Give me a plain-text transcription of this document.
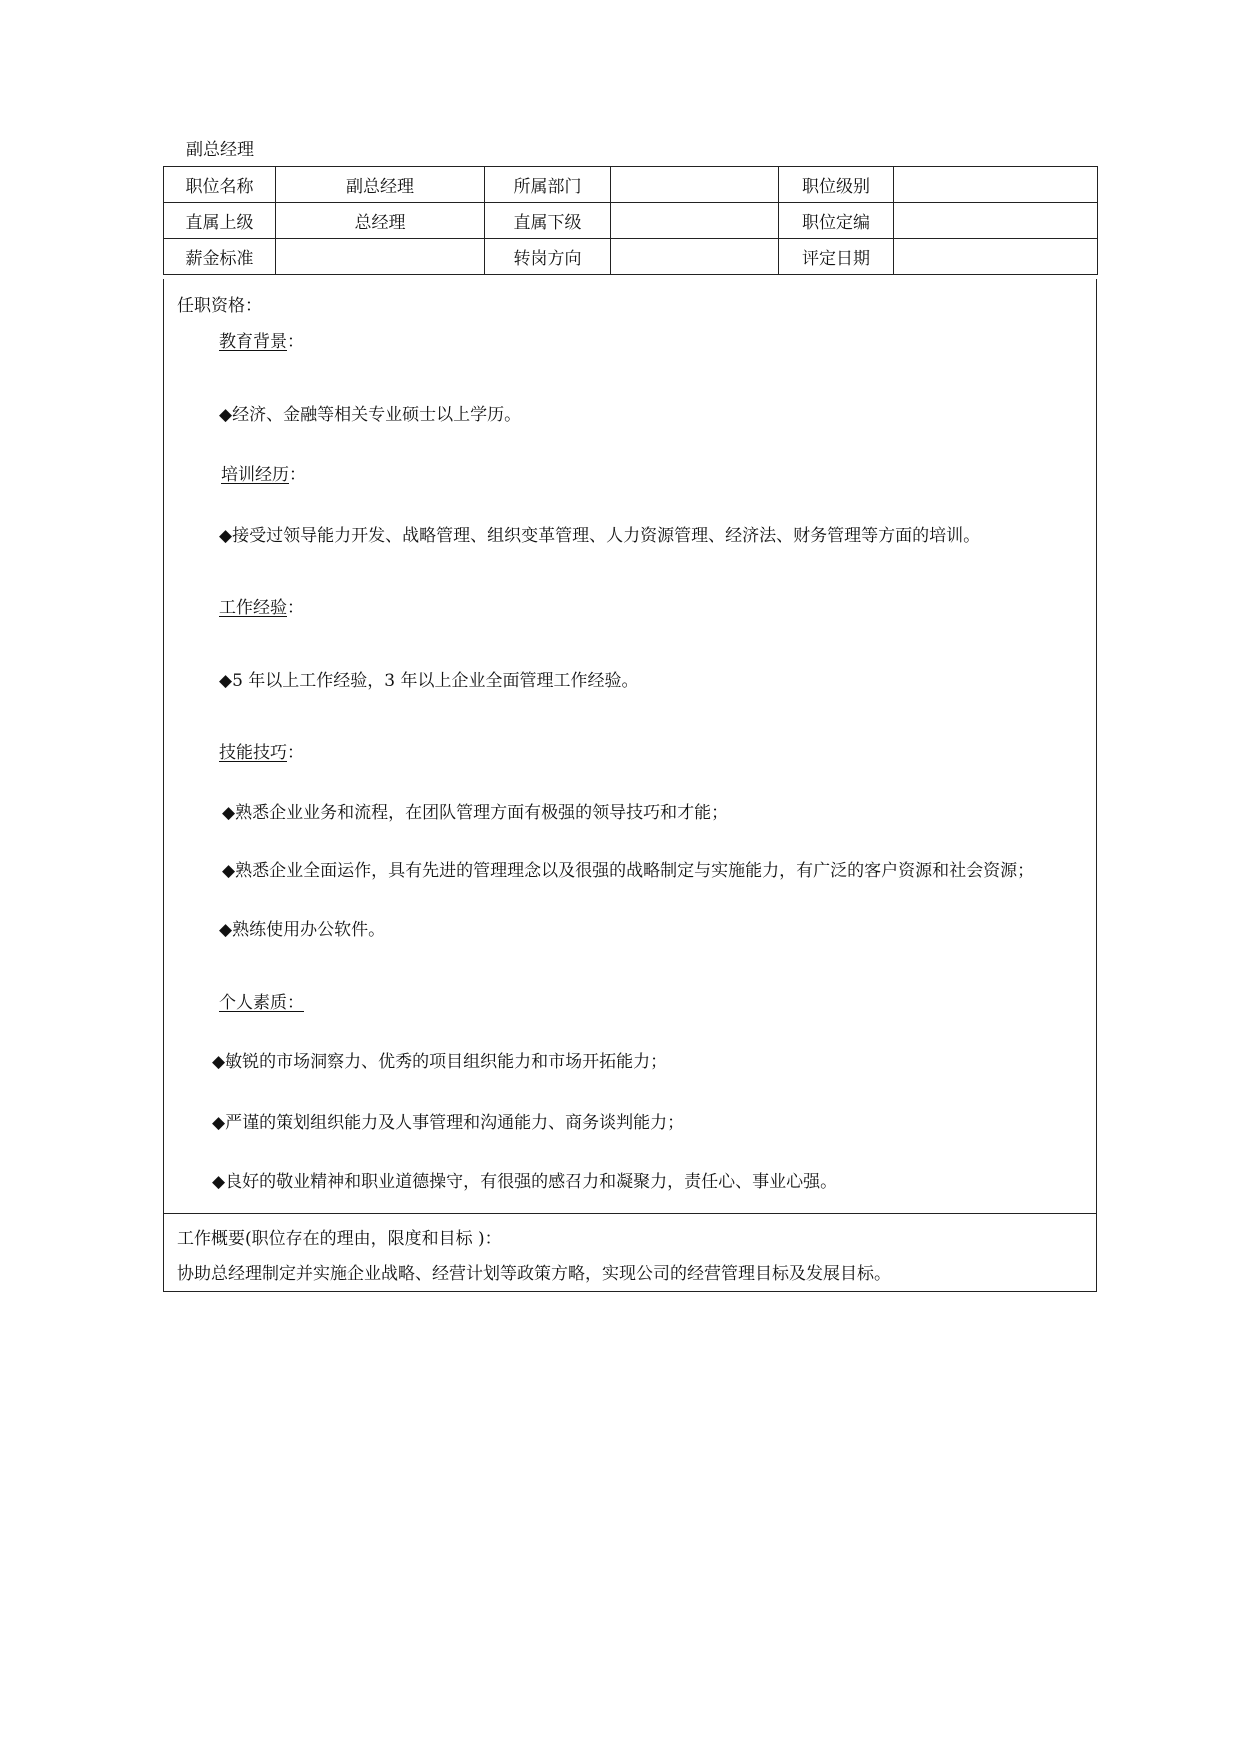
副总经理
职位名称	副总经理	所属部门		职位级别	
直属上级	总经理	直属下级		职位定编	
薪金标准		转岗方向		评定日期	
任职资格：
教育背景：
◆经济、金融等相关专业硕士以上学历。
培训经历：
◆接受过领导能力开发、战略管理、组织变革管理、人力资源管理、经济法、财务管理等方面的培训。
工作经验：
◆5 年以上工作经验，3 年以上企业全面管理工作经验。
技能技巧：
◆熟悉企业业务和流程，在团队管理方面有极强的领导技巧和才能；
◆熟悉企业全面运作，具有先进的管理理念以及很强的战略制定与实施能力，有广泛的客户资源和社会资源；
◆熟练使用办公软件。
个人素质：
◆敏锐的市场洞察力、优秀的项目组织能力和市场开拓能力；
◆严谨的策划组织能力及人事管理和沟通能力、商务谈判能力；
◆良好的敬业精神和职业道德操守，有很强的感召力和凝聚力，责任心、事业心强。
工作概要(职位存在的理由，限度和目标 )：
协助总经理制定并实施企业战略、经营计划等政策方略，实现公司的经营管理目标及发展目标。
